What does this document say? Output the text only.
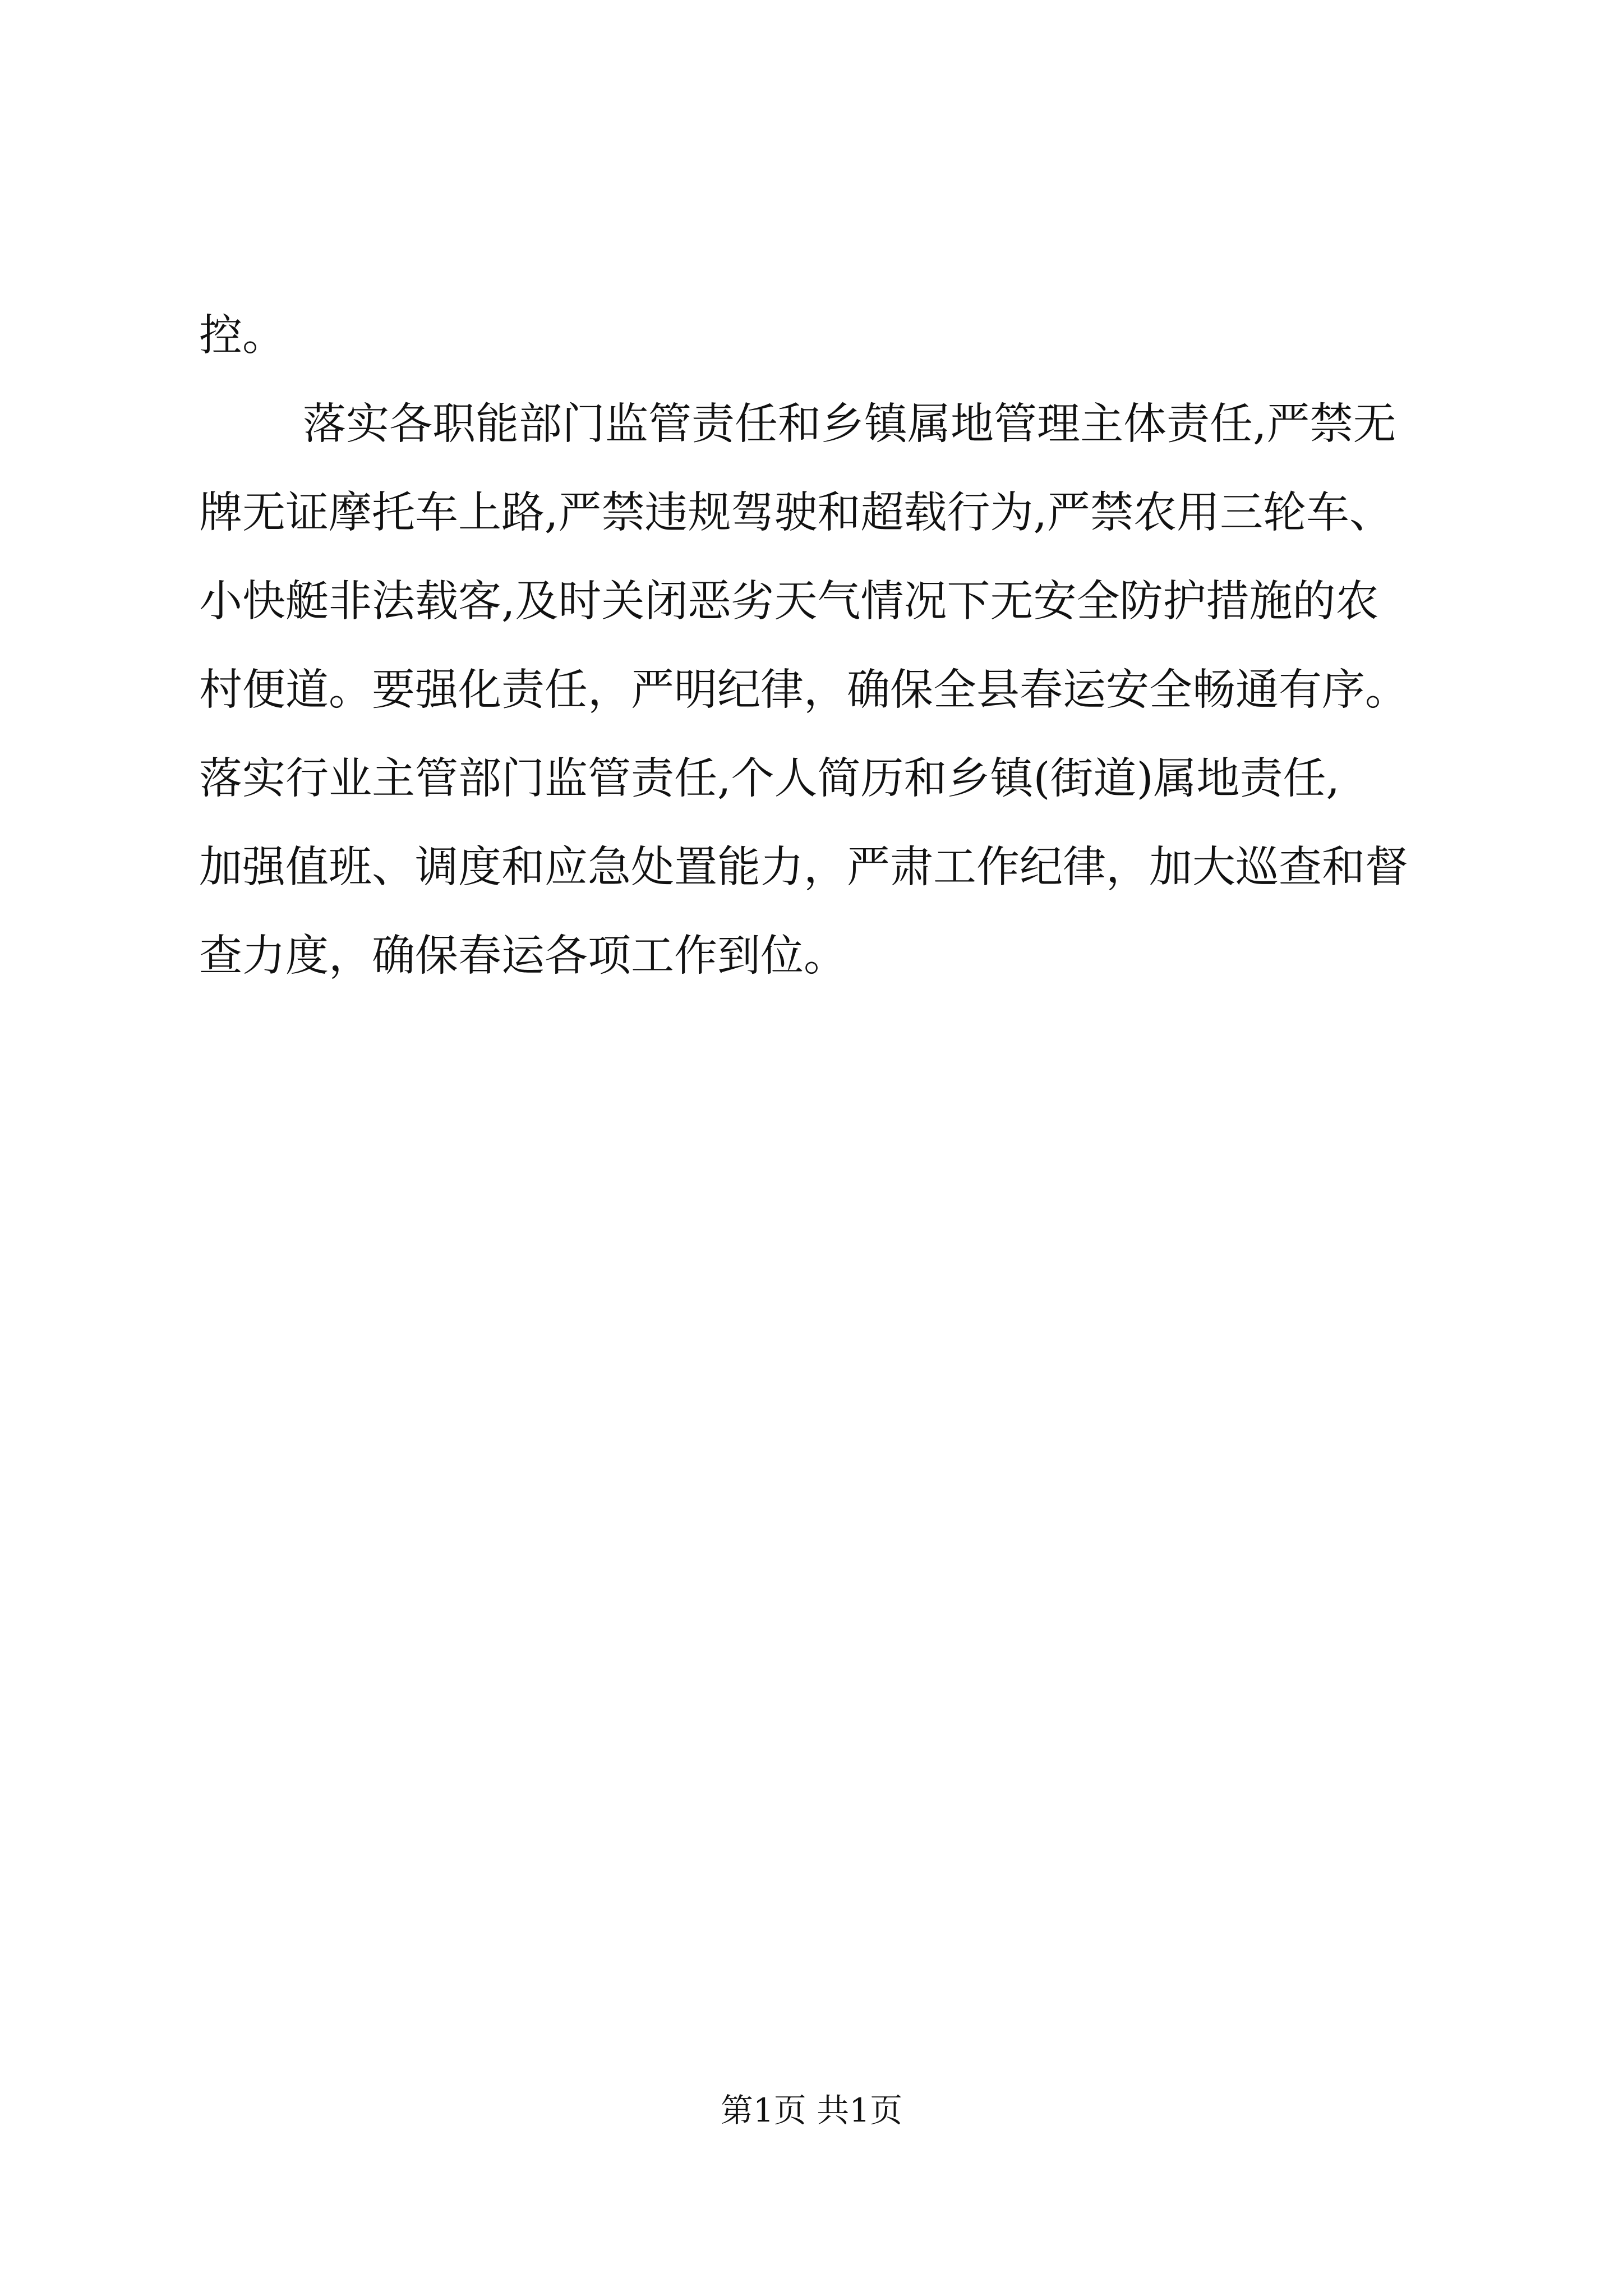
控。
落实各职能部门监管责任和乡镇属地管理主体责任,严禁无
牌无证摩托车上路,严禁违规驾驶和超载行为,严禁农用三轮车、
小快艇非法载客,及时关闭恶劣天气情况下无安全防护措施的农
村便道。要强化责任，严明纪律，确保全县春运安全畅通有序。
落实行业主管部门监管责任,个人简历和乡镇(街道)属地责任,
加强值班、调度和应急处置能力，严肃工作纪律，加大巡查和督
查力度，确保春运各项工作到位。
第1页 共1页
